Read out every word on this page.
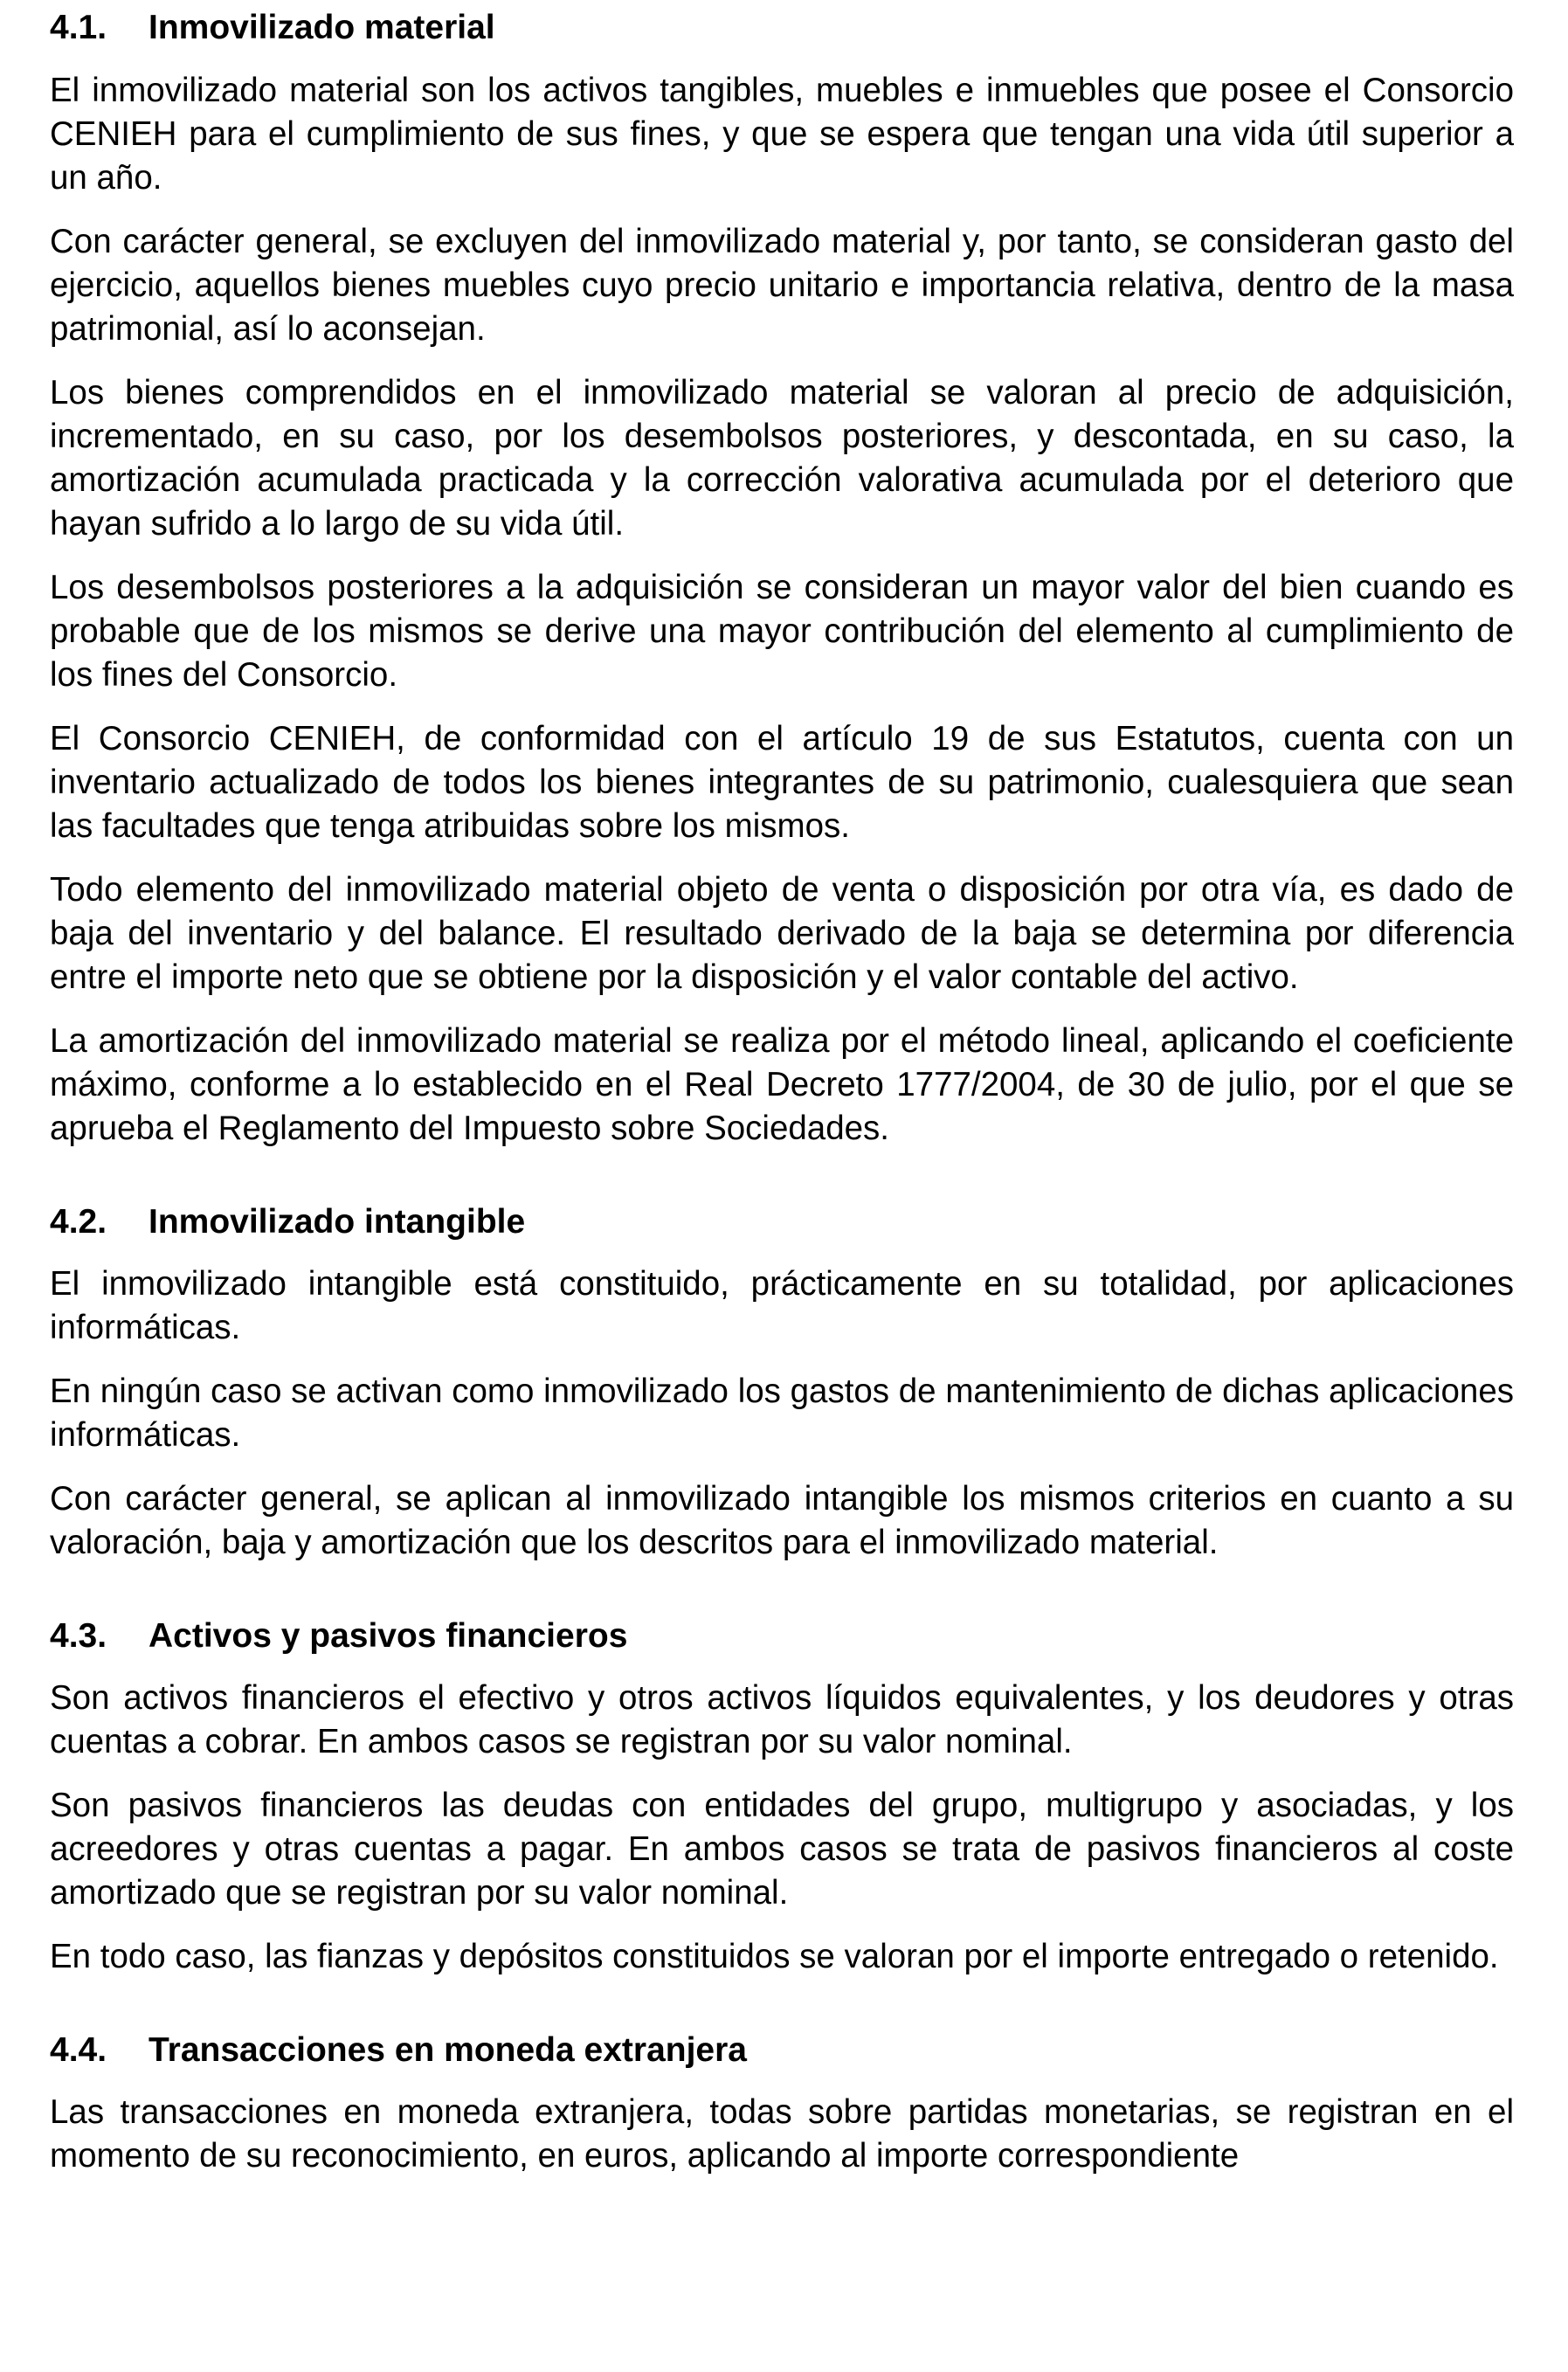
4.1.	Inmovilizado material

El inmovilizado material son los activos tangibles, muebles e inmuebles que posee el Consorcio CENIEH para el cumplimiento de sus fines, y que se espera que tengan una vida útil superior a un año.

Con carácter general, se excluyen del inmovilizado material y, por tanto, se consideran gasto del ejercicio, aquellos bienes muebles cuyo precio unitario e importancia relativa, dentro de la masa patrimonial, así lo aconsejan.

Los bienes comprendidos en el inmovilizado material se valoran al precio de adquisición, incrementado, en su caso, por los desembolsos posteriores, y descontada, en su caso, la amortización acumulada practicada y la corrección valorativa acumulada por el deterioro que hayan sufrido a lo largo de su vida útil.

Los desembolsos posteriores a la adquisición se consideran un mayor valor del bien cuando es probable que de los mismos se derive una mayor contribución del elemento al cumplimiento de los fines del Consorcio.

El Consorcio CENIEH, de conformidad con el artículo 19 de sus Estatutos, cuenta con un inventario actualizado de todos los bienes integrantes de su patrimonio, cualesquiera que sean las facultades que tenga atribuidas sobre los mismos.

Todo elemento del inmovilizado material objeto de venta o disposición por otra vía, es dado de baja del inventario y del balance. El resultado derivado de la baja se determina por diferencia entre el importe neto que se obtiene por la disposición y el valor contable del activo.

La amortización del inmovilizado material se realiza por el método lineal, aplicando el coeficiente máximo, conforme a lo establecido en el Real Decreto 1777/2004, de 30 de julio, por el que se aprueba el Reglamento del Impuesto sobre Sociedades.

4.2.	Inmovilizado intangible

El inmovilizado intangible está constituido, prácticamente en su totalidad, por aplicaciones informáticas.

En ningún caso se activan como inmovilizado los gastos de mantenimiento de dichas aplicaciones informáticas.

Con carácter general, se aplican al inmovilizado intangible los mismos criterios en cuanto a su valoración, baja y amortización que los descritos para el inmovilizado material.

4.3.	Activos y pasivos financieros

Son activos financieros el efectivo y otros activos líquidos equivalentes, y los deudores y otras cuentas a cobrar. En ambos casos se registran por su valor nominal.

Son pasivos financieros las deudas con entidades del grupo, multigrupo y asociadas, y los acreedores y otras cuentas a pagar. En ambos casos se trata de pasivos financieros al coste amortizado que se registran por su valor nominal.

En todo caso, las fianzas y depósitos constituidos se valoran por el importe entregado o retenido.

4.4.	Transacciones en moneda extranjera

Las transacciones en moneda extranjera, todas sobre partidas monetarias, se registran en el momento de su reconocimiento, en euros, aplicando al importe correspondiente
